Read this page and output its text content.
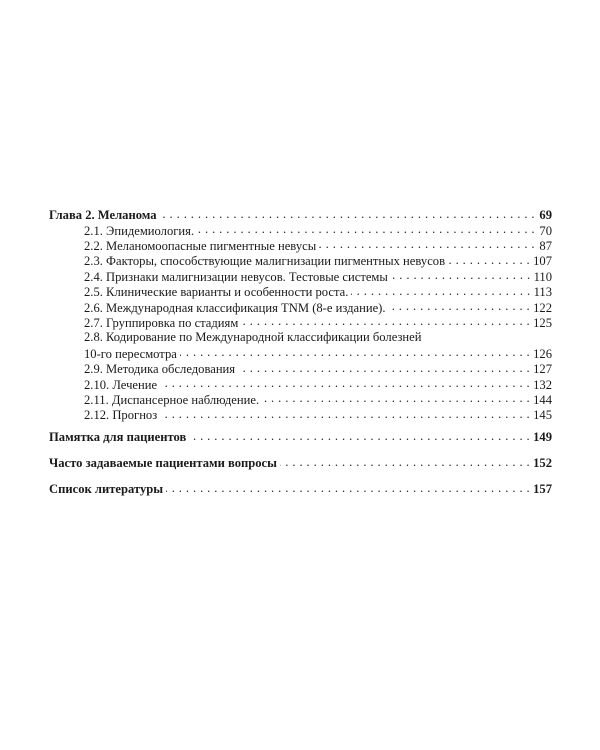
Глава 2. Меланома . . .	69
2.1. Эпидемиология. . . .	70
2.2. Меланомоопасные пигментные невусы . . .	87
2.3. Факторы, способствующие малигнизации пигментных невусов . . .	107
2.4. Признаки малигнизации невусов. Тестовые системы . . .	110
2.5. Клинические варианты и особенности роста. . . .	113
2.6. Международная классификация TNM (8-е издание). . . .	122
2.7. Группировка по стадиям . . .	125
2.8. Кодирование по Международной классификации болезней
10-го пересмотра . . .	126
2.9. Методика обследования . . .	127
2.10. Лечение . . .	132
2.11. Диспансерное наблюдение. . . .	144
2.12. Прогноз . . .	145
Памятка для пациентов . . .	149
Часто задаваемые пациентами вопросы . . .	152
Список литературы . . .	157
